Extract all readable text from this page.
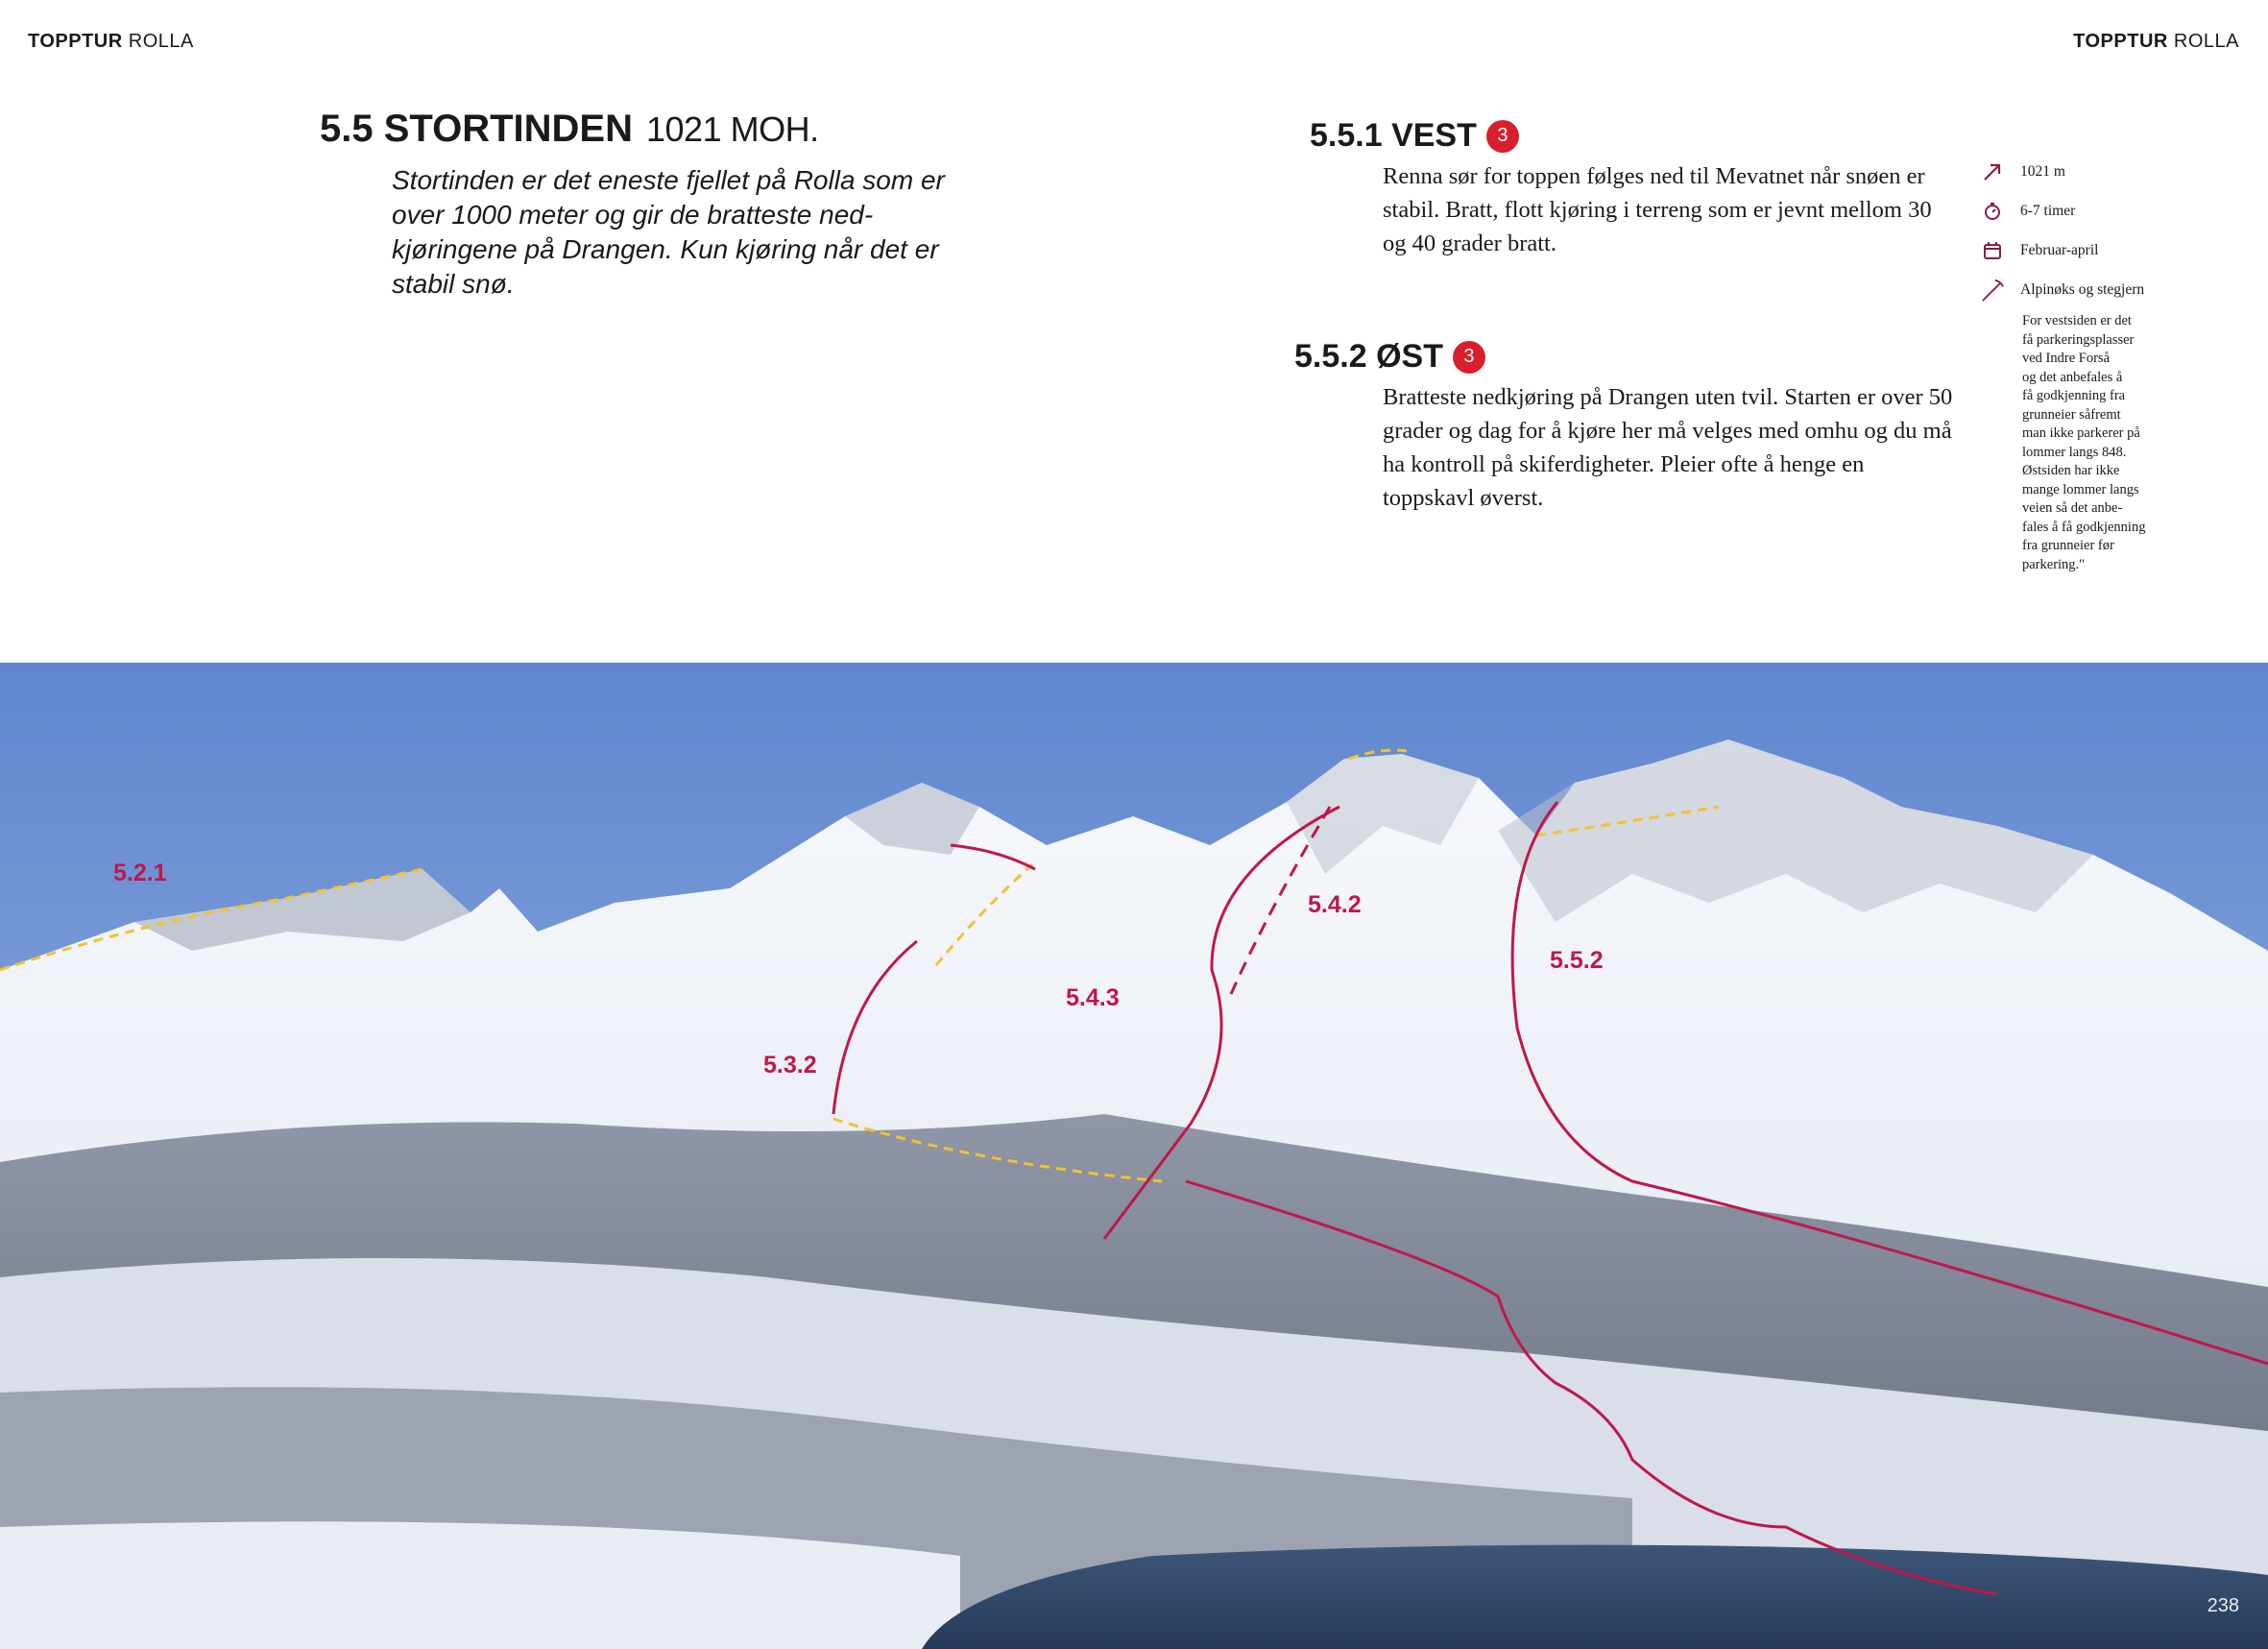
TOPPTUR ROLLA	TOPPTUR ROLLA
5.5 STORTINDEN 1021 MOH.

Stortinden er det eneste fjellet på Rolla som er over 1000 meter og gir de bratteste ned-kjøringene på Drangen. Kun kjøring når det er stabil snø.

5.5.1 VEST	3

Renna sør for toppen følges ned til Mevatnet når snøen er stabil. Bratt, flott kjøring i terreng som er jevnt mellom 30 og 40 grader bratt.

5.5.2 ØST	3

Bratteste nedkjøring på Drangen uten tvil. Starten er over 50 grader og dag for å kjøre her må velges med omhu og du må ha kontroll på skiferdigheter. Pleier ofte å henge en toppskavl øverst.

1021 m
6-7 timer
Februar-april
Alpinøks og stegjern

For vestsiden er det
få parkeringsplasser
ved Indre Forså
og det anbefales å
få godkjenning fra
grunneier såfremt
man ikke parkerer på
lommer langs 848.
Østsiden har ikke
mange lommer langs
veien så det anbe-
fales å få godkjenning
fra grunneier før
parkering."

5.2.1
5.3.2
5.4.3
5.4.2
5.5.2
237	238
